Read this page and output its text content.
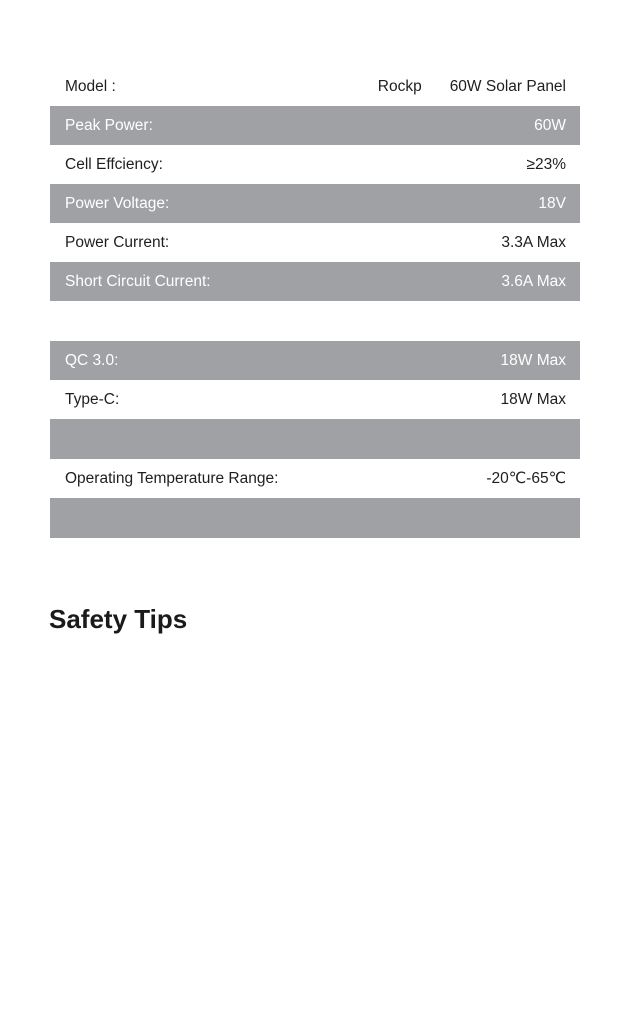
Model :	Rockp 60W Solar Panel
Peak Power:	60W
Cell Effciency:	≥23%
Power Voltage:	18V
Power Current:	3.3A Max
Short Circuit Current:	3.6A Max
QC 3.0:	18W Max
Type-C:	18W Max
Operating Temperature Range:	-20℃-65℃
Safety Tips
